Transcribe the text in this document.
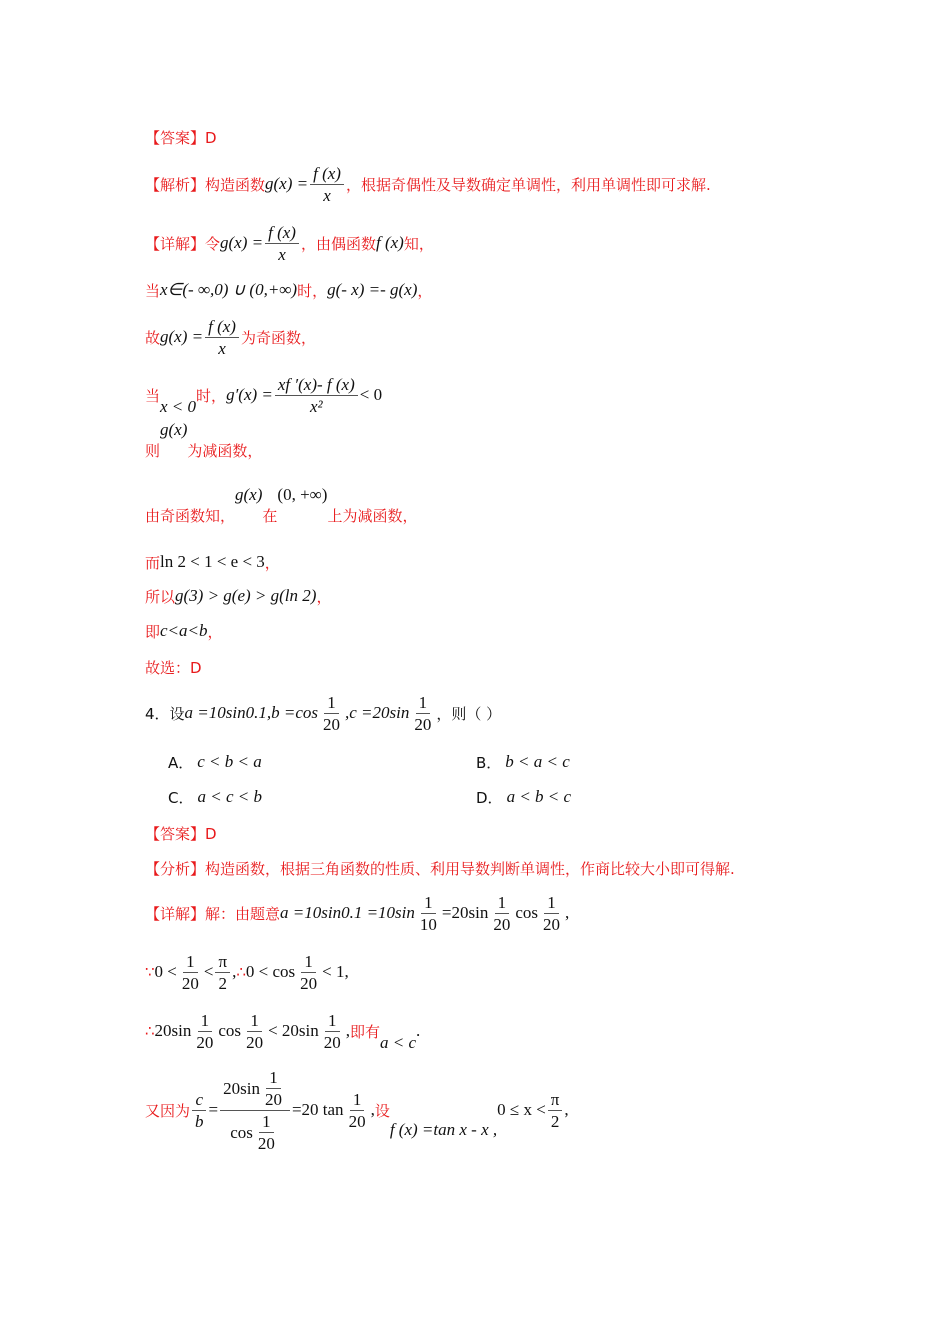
【答案】D
【解析】构造函数 $g(x) = \frac{f (x)}{x}$ ，根据奇偶性及导数确定单调性，利用单调性即可求解.
【详解】令 $g(x) = \frac{f (x)}{x}$ ，由偶函数 f (x) 知，
当 x∈(- ∞,0) ∪ (0,+∞) 时， g(- x) =- g(x) ，
故 $g(x) = \frac{f (x)}{x}$ 为奇函数，
当
x < 0
时， $g'(x) = \frac{xf '(x)- f (x)}{\text{x²}} < 0$
则
g(x)
为减函数，
由奇函数知，
g(x)
在
(0, +∞)
上为减函数，
而 ln 2 < 1 < e < 3 ，
所以 g(3) > g(e) > g(ln 2) ，
即 c<a<b ，
故选：D
4．设 $a =10\sin 0.1,b =\cos \frac{1}{20} ,c =20\sin \frac{1}{20}$ ，则（ ）
A． c < b < a	B． b < a < c
C． a < c < b	D． a < b < c
【答案】D
【分析】构造函数，根据三角函数的性质、利用导数判断单调性，作商比较大小即可得解.
【详解】解：由题意 $a =10\sin 0.1 =10\sin \frac{1}{10} =20\sin \frac{1}{20}$ $\cos \frac{1}{20}$ ,
∵ $0 < \frac{1}{20} < \frac{\pi}{2}$ , ∴ $0 < \cos \frac{1}{20} < 1$,
∴ $20\sin \frac{1}{20}$ $\cos \frac{1}{20} < 20\sin \frac{1}{20}$ , 即有
a < c
.
又因为 $\frac{c}{b} = \frac{20\sin \frac{1}{20}}{\cos \frac{1}{20}} =20$ $\tan \frac{1}{20}$ , 设
f (x) =tan x - x ,
$0 \le x < \frac{\pi}{2}$ ,
